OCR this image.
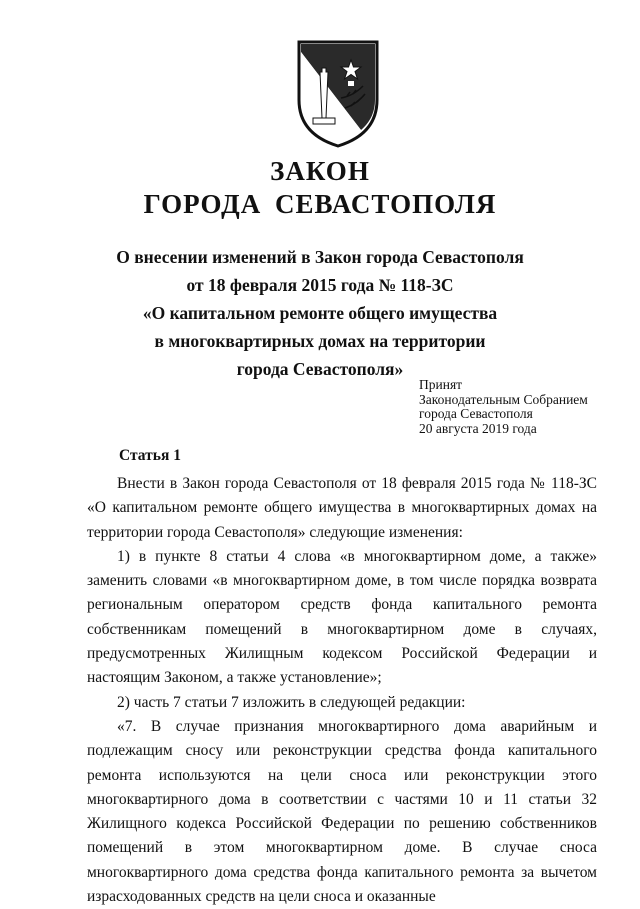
ЗАКОН
ГОРОДА СЕВАСТОПОЛЯ
О внесении изменений в Закон города Севастополя
от 18 февраля 2015 года № 118-ЗС
«О капитальном ремонте общего имущества
в многоквартирных домах на территории
города Севастополя»
Принят
Законодательным Собранием
города Севастополя
20 августа 2019 года
Статья 1

Внести в Закон города Севастополя от 18 февраля 2015 года № 118-ЗС «О капитальном ремонте общего имущества в многоквартирных домах на территории города Севастополя» следующие изменения:

1) в пункте 8 статьи 4 слова «в многоквартирном доме, а также» заменить словами «в многоквартирном доме, в том числе порядка возврата региональным оператором средств фонда капитального ремонта собственникам помещений в многоквартирном доме в случаях, предусмотренных Жилищным кодексом Российской Федерации и настоящим Законом, а также установление»;

2) часть 7 статьи 7 изложить в следующей редакции:

«7. В случае признания многоквартирного дома аварийным и подлежащим сносу или реконструкции средства фонда капитального ремонта используются на цели сноса или реконструкции этого многоквартирного дома в соответствии с частями 10 и 11 статьи 32 Жилищного кодекса Российской Федерации по решению собственников помещений в этом многоквартирном доме. В случае сноса многоквартирного дома средства фонда капитального ремонта за вычетом израсходованных средств на цели сноса и оказанные
